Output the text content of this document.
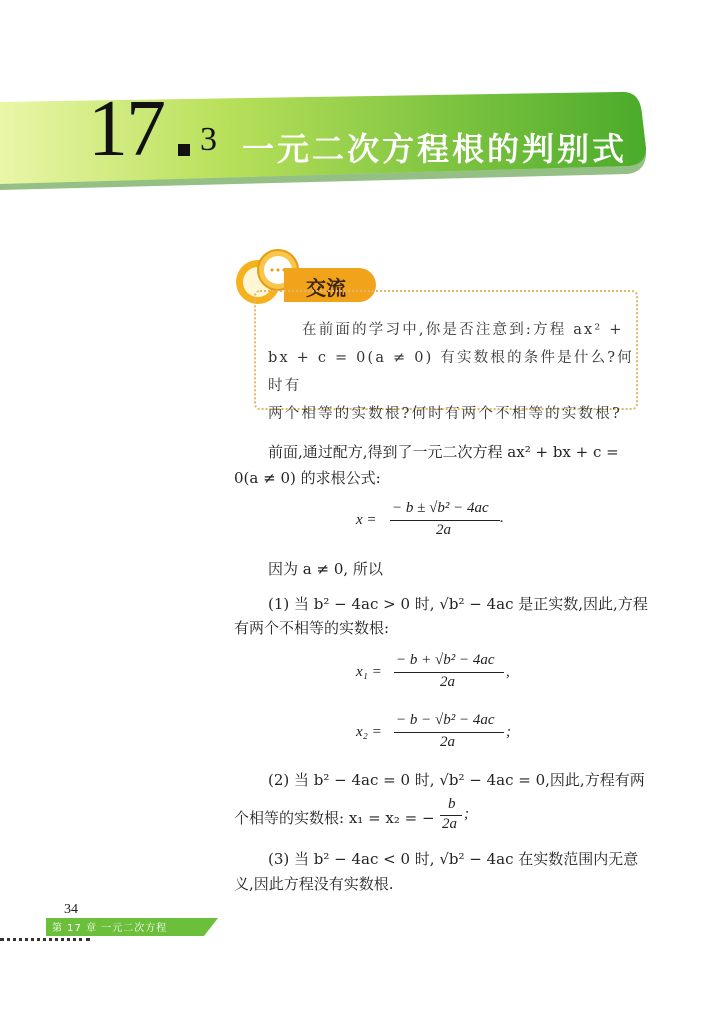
17 3 一元二次方程根的判别式
交流
在前面的学习中,你是否注意到:方程 ax² +
bx + c = 0(a ≠ 0) 有实数根的条件是什么?何时有
两个相等的实数根?何时有两个不相等的实数根?
前面,通过配方,得到了一元二次方程 ax² + bx + c =
0(a ≠ 0) 的求根公式:
x =
− b ± √b² − 4ac
2a
.
因为 a ≠ 0, 所以
(1) 当 b² − 4ac > 0 时, √b² − 4ac 是正实数,因此,方程
有两个不相等的实数根:
x₁ =
− b + √b² − 4ac
2a
,
x₂ =
− b − √b² − 4ac
2a
;
(2) 当 b² − 4ac = 0 时, √b² − 4ac = 0,因此,方程有两
个相等的实数根: x₁ = x₂ = −
b
2a
;
(3) 当 b² − 4ac < 0 时, √b² − 4ac 在实数范围内无意
义,因此方程没有实数根.
34
第 17 章 一元二次方程
